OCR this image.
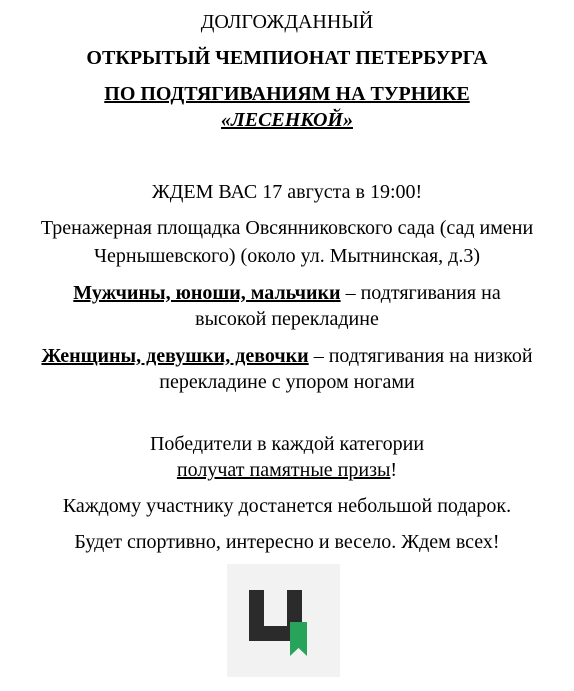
ДОЛГОЖДАННЫЙ
ОТКРЫТЫЙ ЧЕМПИОНАТ ПЕТЕРБУРГА
ПО ПОДТЯГИВАНИЯМ НА ТУРНИКЕ
«ЛЕСЕНКОЙ»
ЖДЕМ ВАС 17 августа в 19:00!
Тренажерная площадка Овсянниковского сада (сад имени
Чернышевского) (около ул. Мытнинская, д.3)
Мужчины, юноши, мальчики – подтягивания на
высокой перекладине
Женщины, девушки, девочки – подтягивания на низкой
перекладине с упором ногами
Победители в каждой категории
получат памятные призы!
Каждому участнику достанется небольшой подарок.
Будет спортивно, интересно и весело. Ждем всех!
